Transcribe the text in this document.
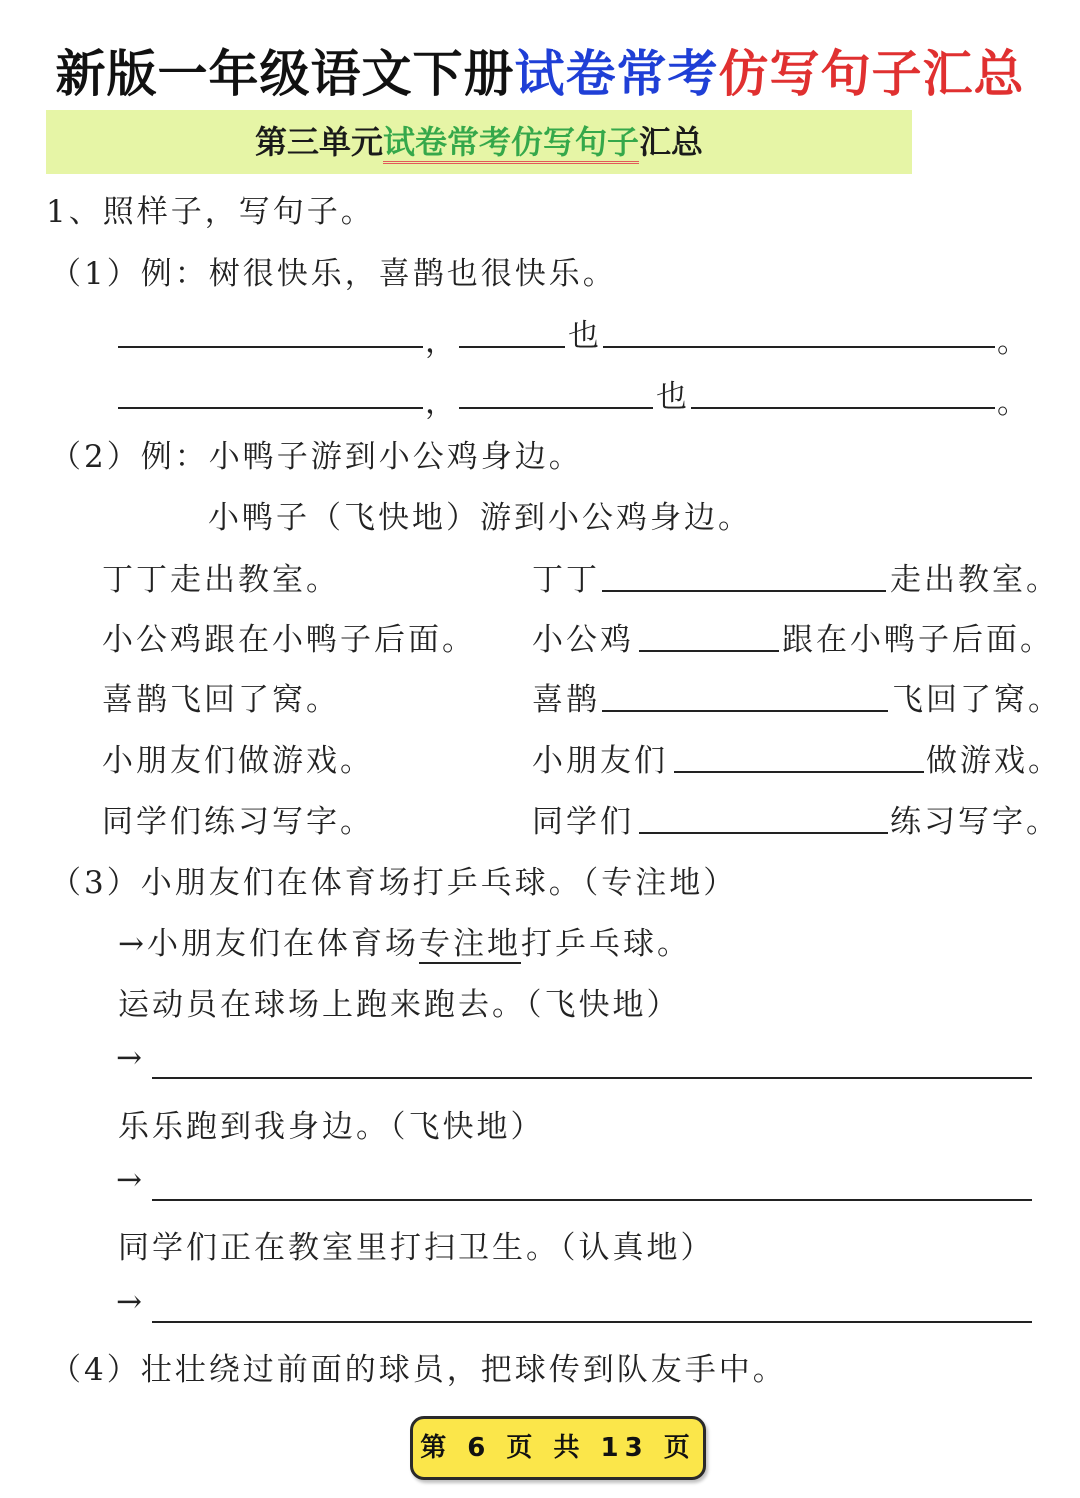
新版一年级语文下册试卷常考仿写句子汇总
第三单元试卷常考仿写句子汇总
1、照样子，写句子。
（1）例：树很快乐，喜鹊也很快乐。
，	也	。
，	也	。
（2）例：小鸭子游到小公鸡身边。
小鸭子（飞快地）游到小公鸡身边。
丁丁走出教室。	丁丁	走出教室。
小公鸡跟在小鸭子后面。 小公鸡	跟在小鸭子后面。
喜鹊飞回了窝。	喜鹊	飞回了窝。
小朋友们做游戏。	小朋友们	做游戏。
同学们练习写字。	同学们	练习写字。
（3）小朋友们在体育场打乒乓球。（专注地）
→小朋友们在体育场专注地打乒乓球。
运动员在球场上跑来跑去。（飞快地）
→
乐乐跑到我身边。（飞快地）
→
同学们正在教室里打扫卫生。（认真地）
→
（4）壮壮绕过前面的球员，把球传到队友手中。
第 6 页 共 13 页
